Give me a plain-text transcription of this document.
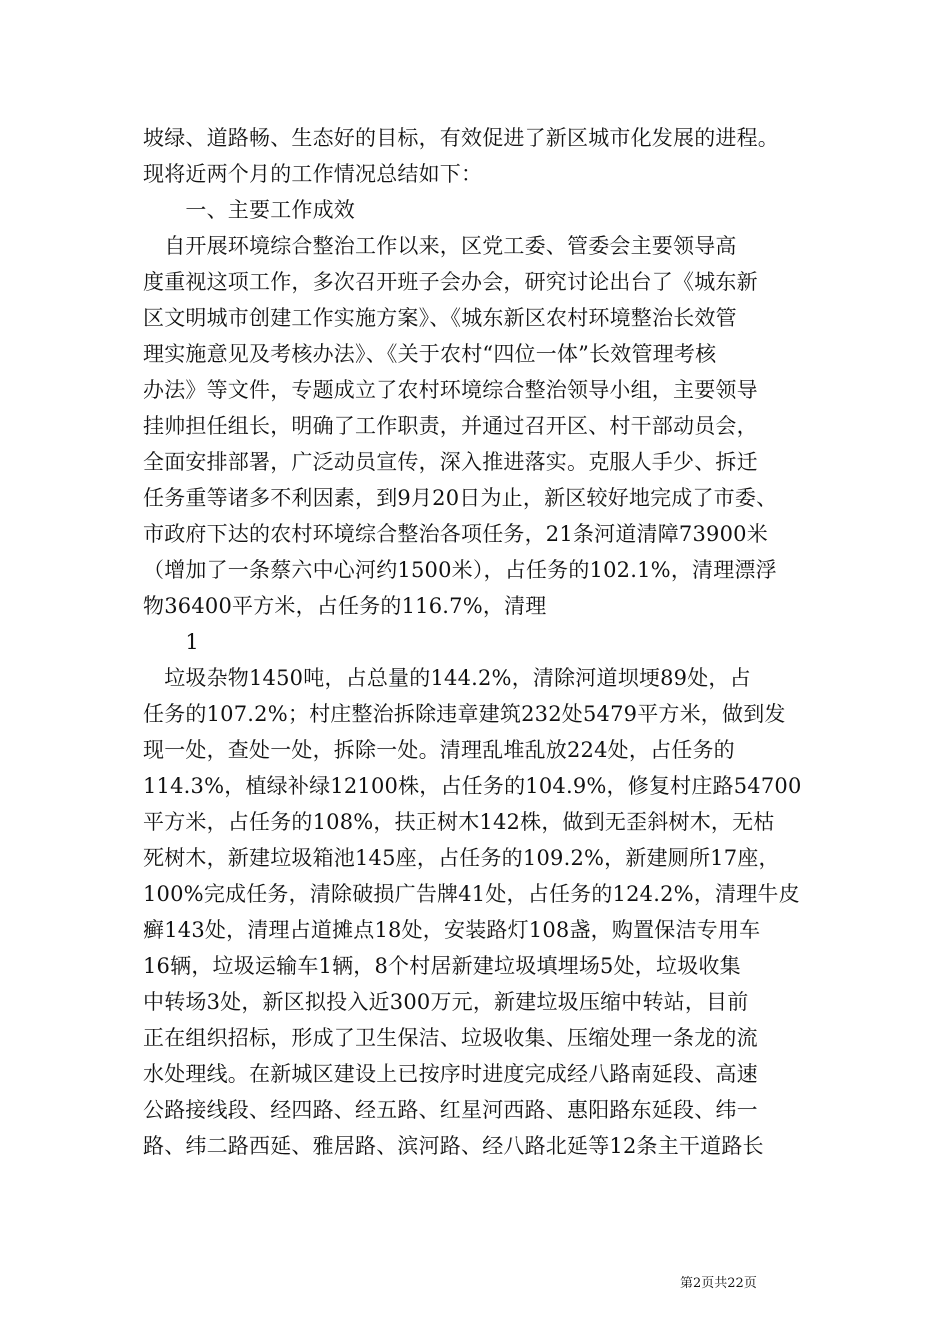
坡绿、道路畅、生态好的目标，有效促进了新区城市化发展的进程。
现将近两个月的工作情况总结如下：
　　一、主要工作成效
　自开展环境综合整治工作以来，区党工委、管委会主要领导高
度重视这项工作，多次召开班子会办会，研究讨论出台了《城东新
区文明城市创建工作实施方案》、《城东新区农村环境整治长效管
理实施意见及考核办法》、《关于农村“四位一体”长效管理考核
办法》等文件，专题成立了农村环境综合整治领导小组，主要领导
挂帅担任组长，明确了工作职责，并通过召开区、村干部动员会，
全面安排部署，广泛动员宣传，深入推进落实。克服人手少、拆迁
任务重等诸多不利因素，到9月20日为止，新区较好地完成了市委、
市政府下达的农村环境综合整治各项任务，21条河道清障73900米
（增加了一条蔡六中心河约1500米），占任务的102.1%，清理漂浮
物36400平方米，占任务的116.7%，清理
　　1
　垃圾杂物1450吨，占总量的144.2%，清除河道坝埂89处，占
任务的107.2%；村庄整治拆除违章建筑232处5479平方米，做到发
现一处，查处一处，拆除一处。清理乱堆乱放224处，占任务的
114.3%，植绿补绿12100株，占任务的104.9%，修复村庄路54700
平方米，占任务的108%，扶正树木142株，做到无歪斜树木，无枯
死树木，新建垃圾箱池145座，占任务的109.2%，新建厕所17座，
100%完成任务，清除破损广告牌41处，占任务的124.2%，清理牛皮
癣143处，清理占道摊点18处，安装路灯108盏，购置保洁专用车
16辆，垃圾运输车1辆，8个村居新建垃圾填埋场5处，垃圾收集
中转场3处，新区拟投入近300万元，新建垃圾压缩中转站，目前
正在组织招标，形成了卫生保洁、垃圾收集、压缩处理一条龙的流
水处理线。在新城区建设上已按序时进度完成经八路南延段、高速
公路接线段、经四路、经五路、红星河西路、惠阳路东延段、纬一
路、纬二路西延、雅居路、滨河路、经八路北延等12条主干道路长
第2页共22页
